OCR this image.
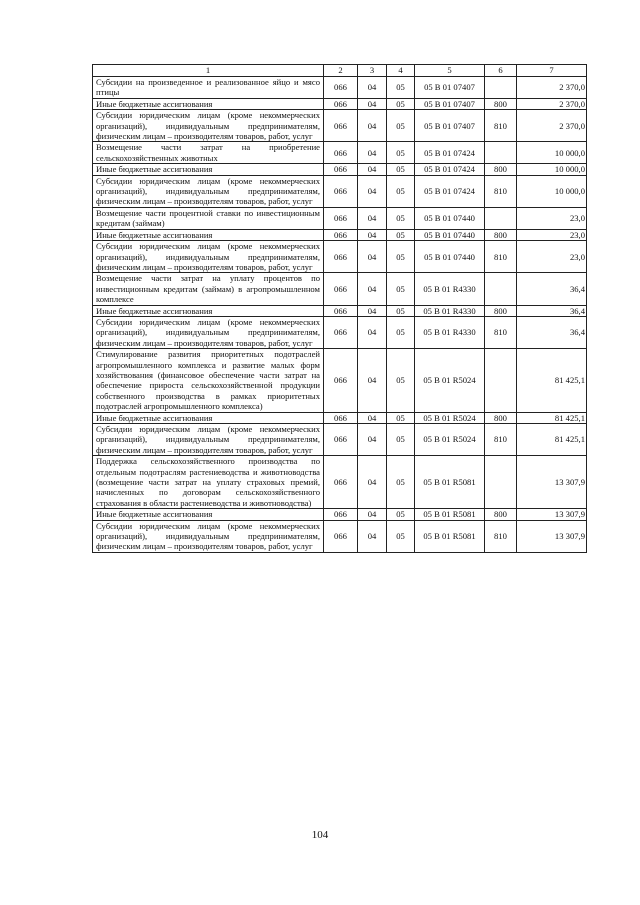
1	2	3	4	5	6	7
Субсидии на произведенное и реализованное яйцо и мясо птицы	066	04	05	05 В 01 07407		2 370,0
Иные бюджетные ассигнования	066	04	05	05 В 01 07407	800	2 370,0
Субсидии юридическим лицам (кроме некоммерческих организаций), индивидуальным предпринимателям, физическим лицам – производителям товаров, работ, услуг	066	04	05	05 В 01 07407	810	2 370,0
Возмещение части затрат на приобретение сельскохозяйственных животных	066	04	05	05 В 01 07424		10 000,0
Иные бюджетные ассигнования	066	04	05	05 В 01 07424	800	10 000,0
Субсидии юридическим лицам (кроме некоммерческих организаций), индивидуальным предпринимателям, физическим лицам – производителям товаров, работ, услуг	066	04	05	05 В 01 07424	810	10 000,0
Возмещение части процентной ставки по инвестиционным кредитам (займам)	066	04	05	05 В 01 07440		23,0
Иные бюджетные ассигнования	066	04	05	05 В 01 07440	800	23,0
Субсидии юридическим лицам (кроме некоммерческих организаций), индивидуальным предпринимателям, физическим лицам – производителям товаров, работ, услуг	066	04	05	05 В 01 07440	810	23,0
Возмещение части затрат на уплату процентов по инвестиционным кредитам (займам) в агропромышленном комплексе	066	04	05	05 В 01 R4330		36,4
Иные бюджетные ассигнования	066	04	05	05 В 01 R4330	800	36,4
Субсидии юридическим лицам (кроме некоммерческих организаций), индивидуальным предпринимателям, физическим лицам – производителям товаров, работ, услуг	066	04	05	05 В 01 R4330	810	36,4
Стимулирование развития приоритетных подотраслей агропромышленного комплекса и развитие малых форм хозяйствования (финансовое обеспечение части затрат на обеспечение прироста сельскохозяйственной продукции собственного производства в рамках приоритетных подотраслей агропромышленного комплекса)	066	04	05	05 В 01 R5024		81 425,1
Иные бюджетные ассигнования	066	04	05	05 В 01 R5024	800	81 425,1
Субсидии юридическим лицам (кроме некоммерческих организаций), индивидуальным предпринимателям, физическим лицам – производителям товаров, работ, услуг	066	04	05	05 В 01 R5024	810	81 425,1
Поддержка сельскохозяйственного производства по отдельным подотраслям растениеводства и животноводства (возмещение части затрат на уплату страховых премий, начисленных по договорам сельскохозяйственного страхования в области растениеводства и животноводства)	066	04	05	05 В 01 R5081		13 307,9
Иные бюджетные ассигнования	066	04	05	05 В 01 R5081	800	13 307,9
Субсидии юридическим лицам (кроме некоммерческих организаций), индивидуальным предпринимателям, физическим лицам – производителям товаров, работ, услуг	066	04	05	05 В 01 R5081	810	13 307,9
104
